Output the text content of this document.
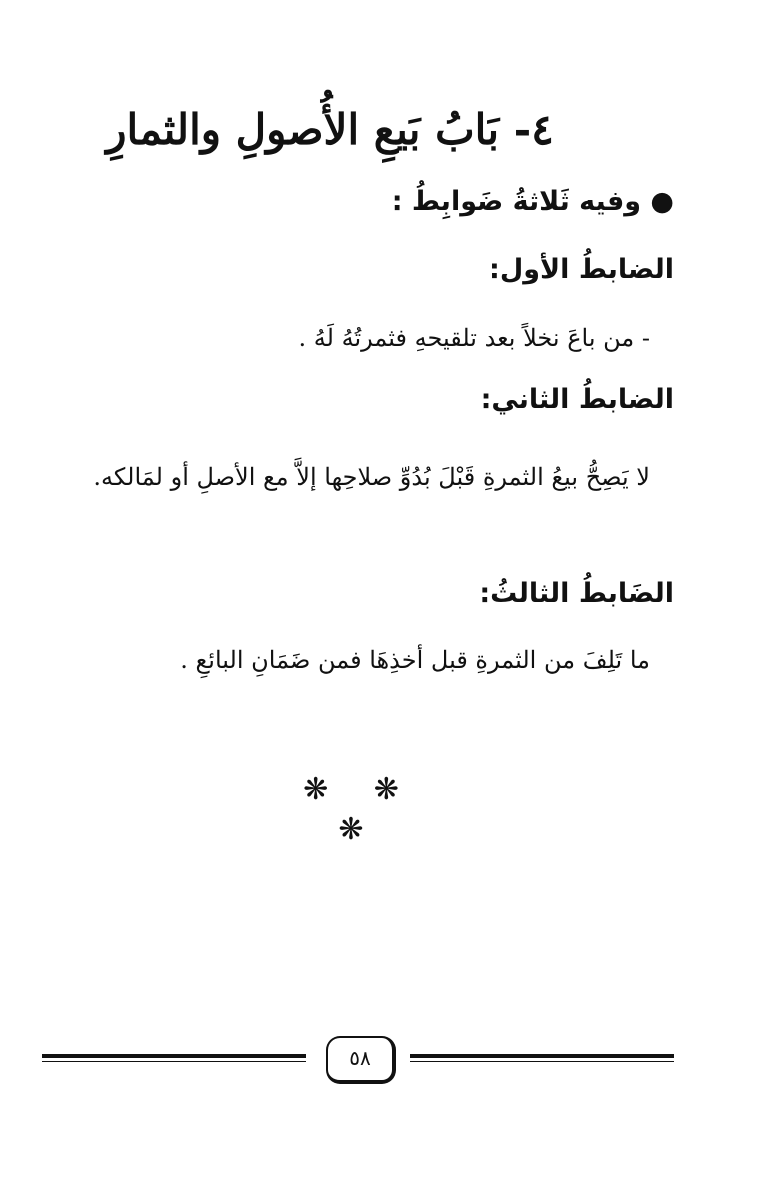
٤- بَابُ بَيعِ الأُصولِ والثمارِ
● وفيه ثَلاثةُ ضَوابِطُ :
الضابطُ الأول:
- من باعَ نخلاً بعد تلقيحهِ فثمرتُهُ لَهُ .
الضابطُ الثاني:
لا يَصِحُّ بيعُ الثمرةِ قَبْلَ بُدُوِّ صلاحِها إلاَّ مع الأصلِ أو لمَالكه.
الضَابطُ الثالثُ:
ما تَلِفَ من الثمرةِ قبل أخذِهَا فمن ضَمَانِ البائعِ .
❋ ❋ ❋
٥٨
